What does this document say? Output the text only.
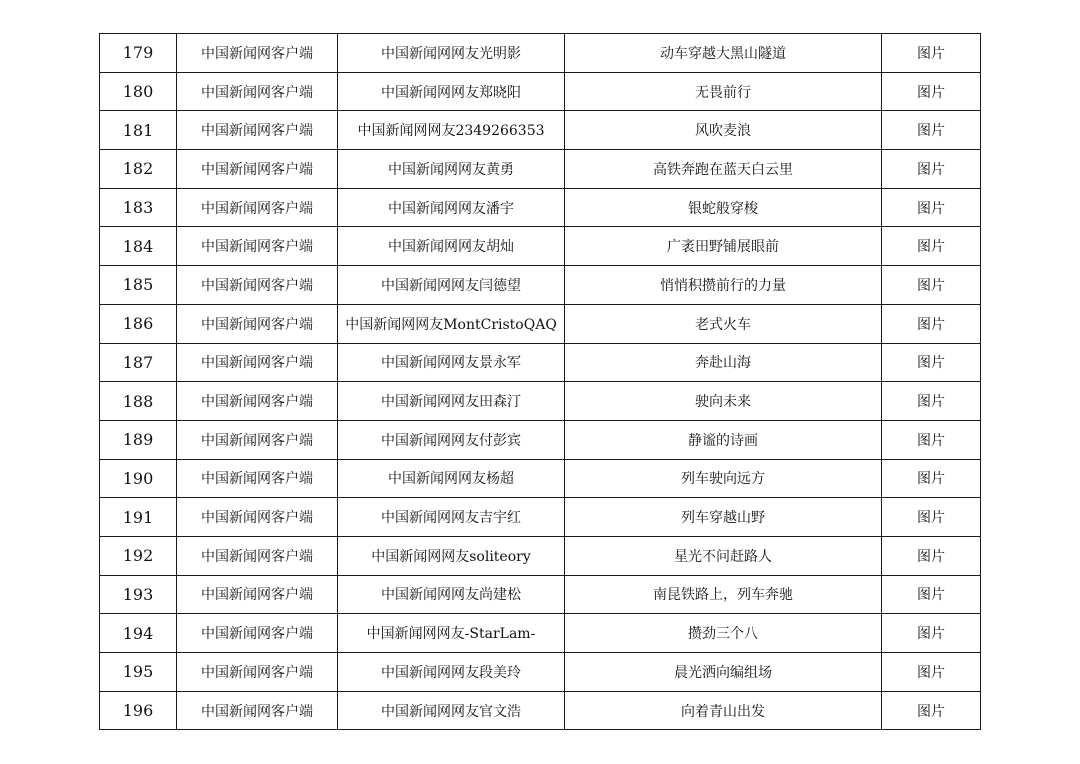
179	中国新闻网客户端	中国新闻网网友光明影	动车穿越大黑山隧道	图片
180	中国新闻网客户端	中国新闻网网友郑晓阳	无畏前行	图片
181	中国新闻网客户端	中国新闻网网友2349266353	风吹麦浪	图片
182	中国新闻网客户端	中国新闻网网友黄勇	高铁奔跑在蓝天白云里	图片
183	中国新闻网客户端	中国新闻网网友潘宇	银蛇般穿梭	图片
184	中国新闻网客户端	中国新闻网网友胡灿	广袤田野铺展眼前	图片
185	中国新闻网客户端	中国新闻网网友闫德望	悄悄积攒前行的力量	图片
186	中国新闻网客户端	中国新闻网网友MontCristoQAQ	老式火车	图片
187	中国新闻网客户端	中国新闻网网友景永军	奔赴山海	图片
188	中国新闻网客户端	中国新闻网网友田森汀	驶向未来	图片
189	中国新闻网客户端	中国新闻网网友付彭宾	静谧的诗画	图片
190	中国新闻网客户端	中国新闻网网友杨超	列车驶向远方	图片
191	中国新闻网客户端	中国新闻网网友吉宇红	列车穿越山野	图片
192	中国新闻网客户端	中国新闻网网友soliteory	星光不问赶路人	图片
193	中国新闻网客户端	中国新闻网网友尚建松	南昆铁路上，列车奔驰	图片
194	中国新闻网客户端	中国新闻网网友-StarLam-	攒劲三个八	图片
195	中国新闻网客户端	中国新闻网网友段美玲	晨光洒向编组场	图片
196	中国新闻网客户端	中国新闻网网友官文浩	向着青山出发	图片
